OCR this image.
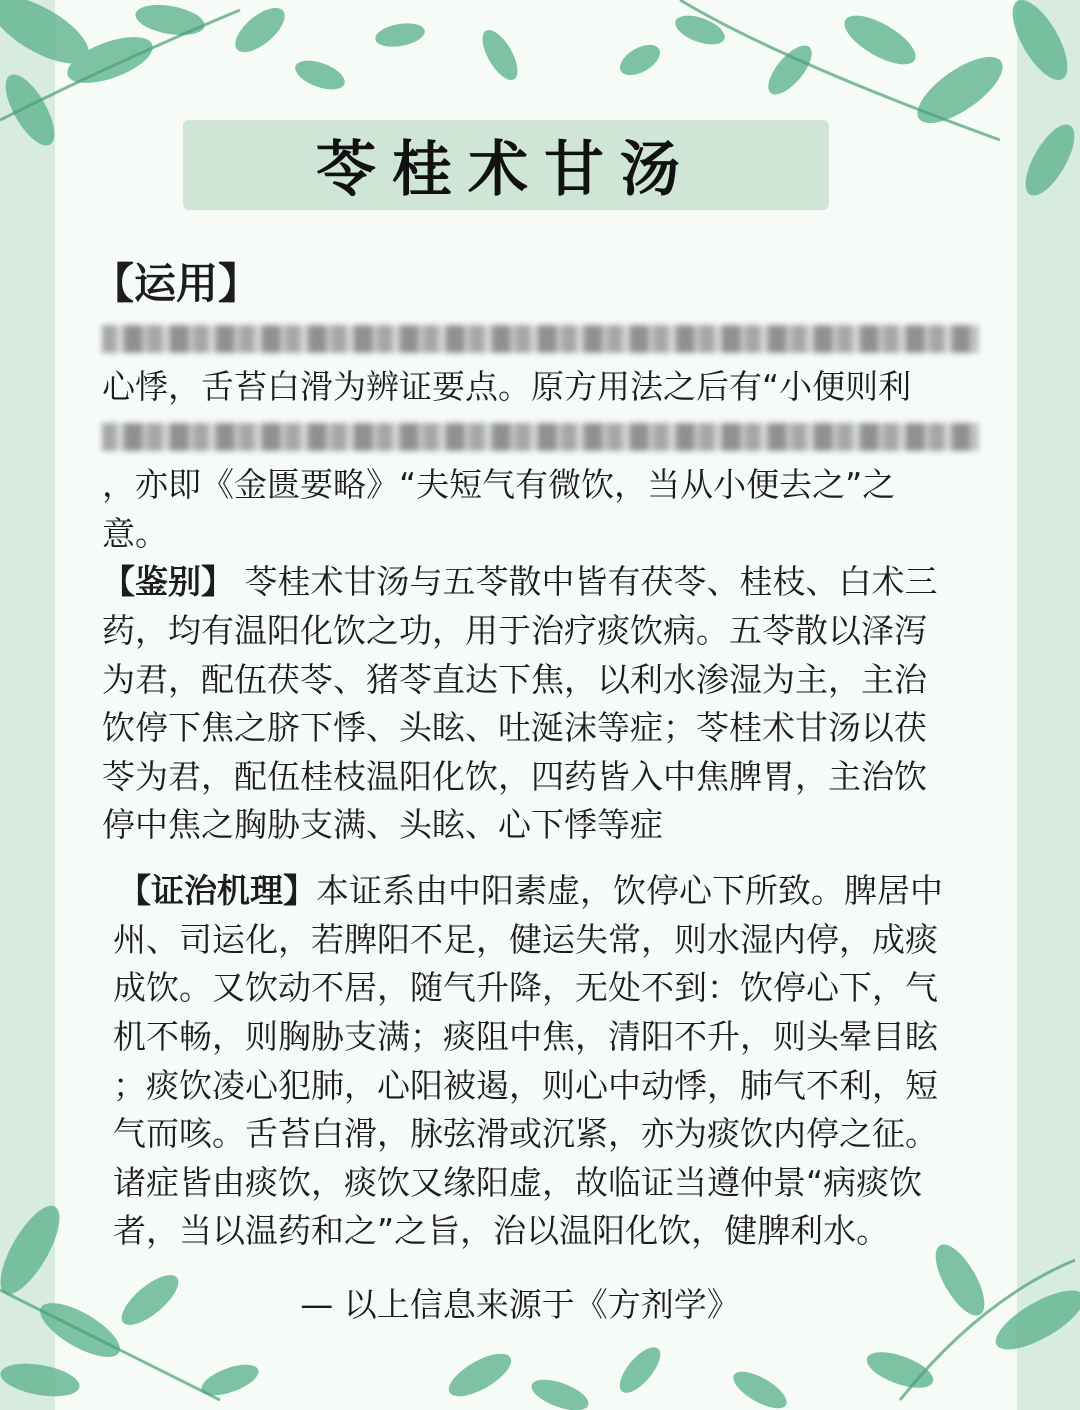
苓桂术甘汤
【运用】
心悸，舌苔白滑为辨证要点。原方用法之后有“小便则利
，亦即《金匮要略》“夫短气有微饮，当从小便去之”之
意。
【鉴别】 苓桂术甘汤与五苓散中皆有茯苓、桂枝、白术三
药，均有温阳化饮之功，用于治疗痰饮病。五苓散以泽泻
为君，配伍茯苓、猪苓直达下焦，以利水渗湿为主，主治
饮停下焦之脐下悸、头眩、吐涎沫等症；苓桂术甘汤以茯
苓为君，配伍桂枝温阳化饮，四药皆入中焦脾胃，主治饮
停中焦之胸胁支满、头眩、心下悸等症
【证治机理】本证系由中阳素虚，饮停心下所致。脾居中
州、司运化，若脾阳不足，健运失常，则水湿内停，成痰
成饮。又饮动不居，随气升降，无处不到：饮停心下，气
机不畅，则胸胁支满；痰阻中焦，清阳不升，则头晕目眩
；痰饮凌心犯肺，心阳被遏，则心中动悸，肺气不利，短
气而咳。舌苔白滑，脉弦滑或沉紧，亦为痰饮内停之征。
诸症皆由痰饮，痰饮又缘阳虚，故临证当遵仲景“病痰饮
者，当以温药和之”之旨，治以温阳化饮，健脾利水。
— 以上信息来源于《方剂学》
